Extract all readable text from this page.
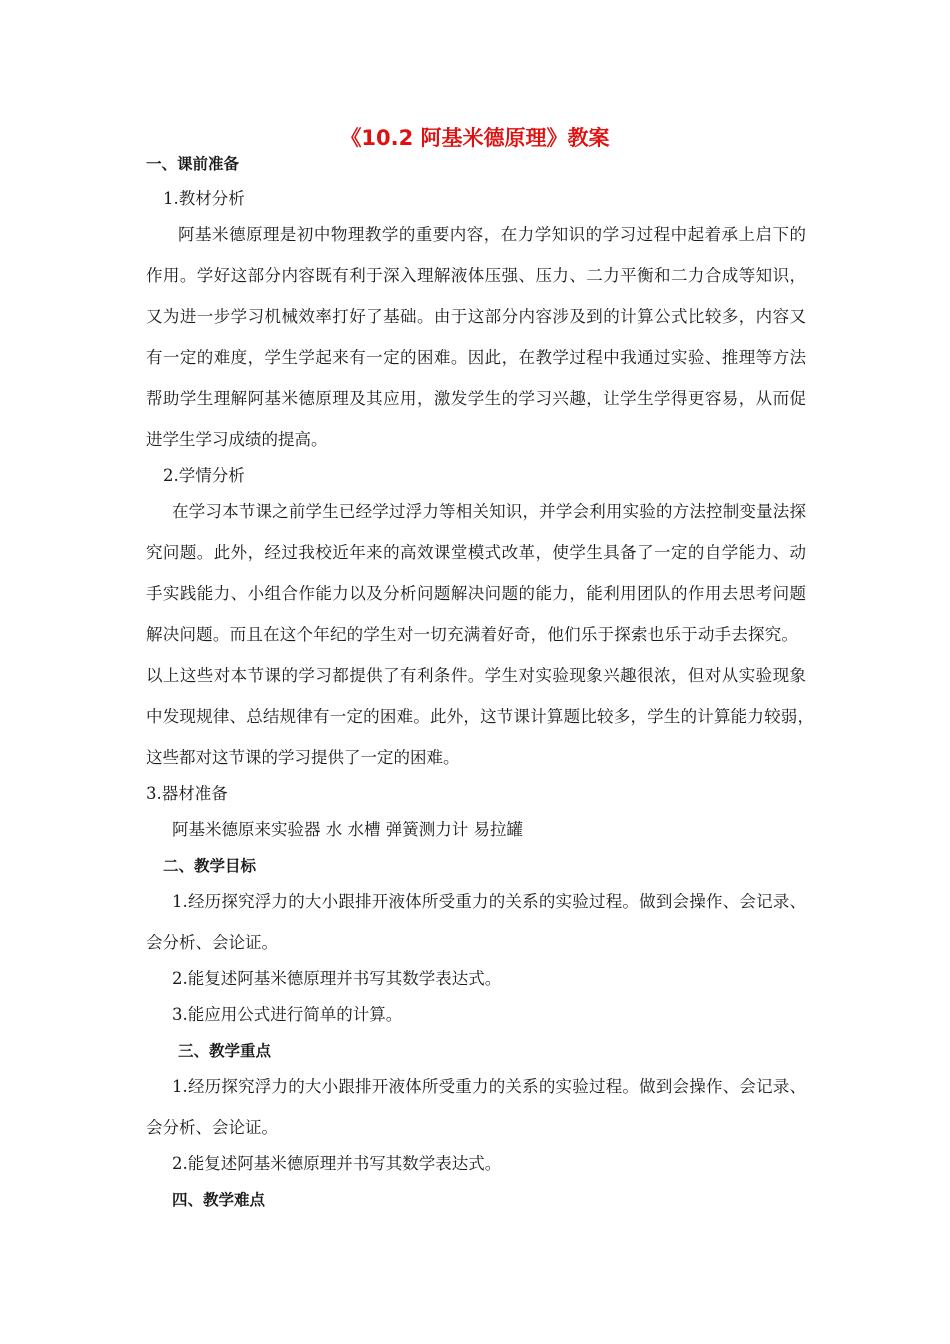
《10.2 阿基米德原理》教案
一、课前准备
1.教材分析
阿基米德原理是初中物理教学的重要内容，在力学知识的学习过程中起着承上启下的
作用。学好这部分内容既有利于深入理解液体压强、压力、二力平衡和二力合成等知识，
又为进一步学习机械效率打好了基础。由于这部分内容涉及到的计算公式比较多，内容又
有一定的难度，学生学起来有一定的困难。因此，在教学过程中我通过实验、推理等方法
帮助学生理解阿基米德原理及其应用，激发学生的学习兴趣，让学生学得更容易，从而促
进学生学习成绩的提高。
2.学情分析
在学习本节课之前学生已经学过浮力等相关知识，并学会利用实验的方法控制变量法探
究问题。此外，经过我校近年来的高效课堂模式改革，使学生具备了一定的自学能力、动
手实践能力、小组合作能力以及分析问题解决问题的能力，能利用团队的作用去思考问题
解决问题。而且在这个年纪的学生对一切充满着好奇，他们乐于探索也乐于动手去探究。
以上这些对本节课的学习都提供了有利条件。学生对实验现象兴趣很浓，但对从实验现象
中发现规律、总结规律有一定的困难。此外，这节课计算题比较多，学生的计算能力较弱，
这些都对这节课的学习提供了一定的困难。
3.器材准备
阿基米德原来实验器 水 水槽 弹簧测力计 易拉罐
二、教学目标
1.经历探究浮力的大小跟排开液体所受重力的关系的实验过程。做到会操作、会记录、
会分析、会论证。
2.能复述阿基米德原理并书写其数学表达式。
3.能应用公式进行简单的计算。
三、教学重点
1.经历探究浮力的大小跟排开液体所受重力的关系的实验过程。做到会操作、会记录、
会分析、会论证。
2.能复述阿基米德原理并书写其数学表达式。
四、教学难点
